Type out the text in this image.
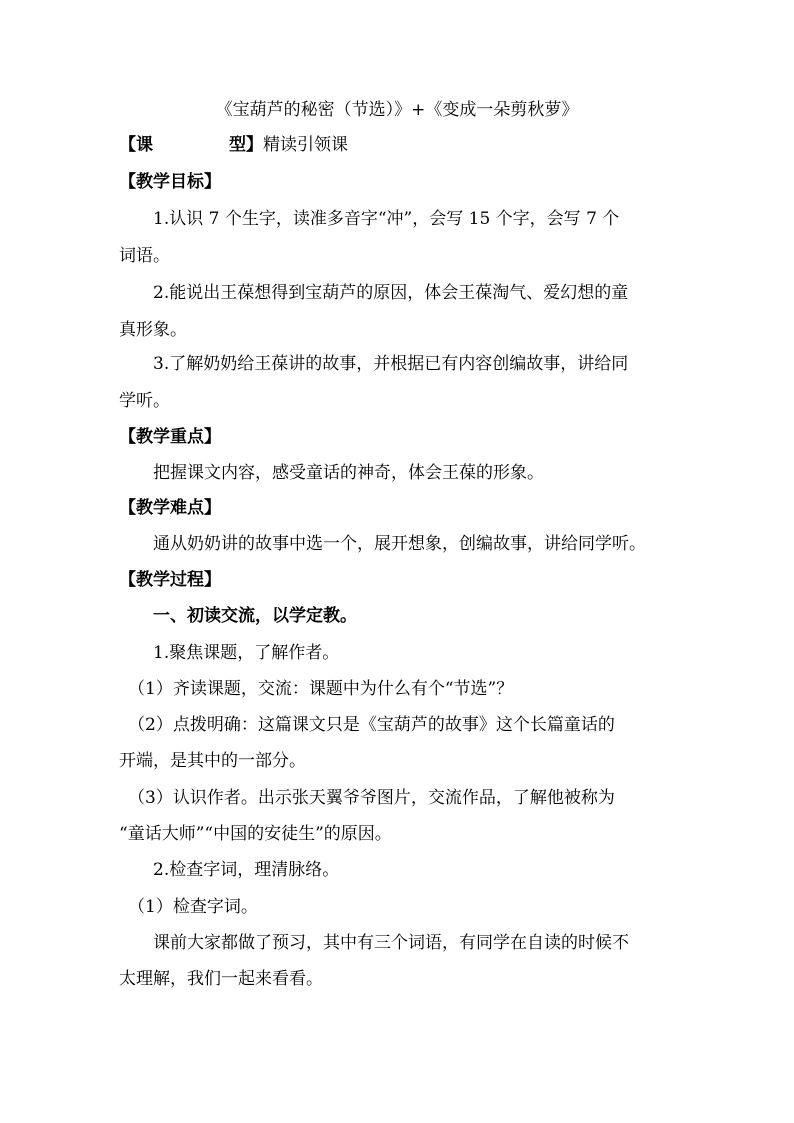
《宝葫芦的秘密（节选）》+《变成一朵剪秋萝》
【课	型】精读引领课
【教学目标】
1.认识 7 个生字，读准多音字“冲”，会写 15 个字，会写 7 个
词语。
2.能说出王葆想得到宝葫芦的原因，体会王葆淘气、爱幻想的童
真形象。
3.了解奶奶给王葆讲的故事，并根据已有内容创编故事，讲给同
学听。
【教学重点】
把握课文内容，感受童话的神奇，体会王葆的形象。
【教学难点】
通从奶奶讲的故事中选一个，展开想象，创编故事，讲给同学听。
【教学过程】
一、初读交流，以学定教。
1.聚焦课题，了解作者。
（1）齐读课题，交流：课题中为什么有个“节选”？
（2）点拨明确：这篇课文只是《宝葫芦的故事》这个长篇童话的
开端，是其中的一部分。
（3）认识作者。出示张天翼爷爷图片，交流作品，了解他被称为
“童话大师”“中国的安徒生”的原因。
2.检查字词，理清脉络。
（1）检查字词。
课前大家都做了预习，其中有三个词语，有同学在自读的时候不
太理解，我们一起来看看。
